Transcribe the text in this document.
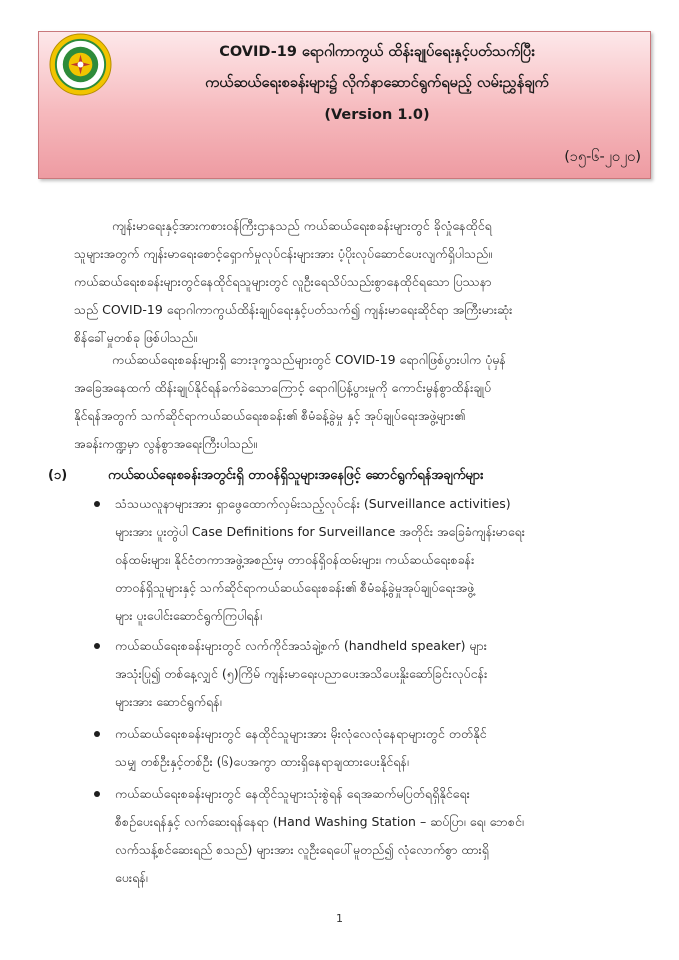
COVID-19 ရောဂါကာကွယ် ထိန်းချုပ်ရေးနှင့်ပတ်သက်ပြီး
ကယ်ဆယ်ရေးစခန်းများ၌ လိုက်နာဆောင်ရွက်ရမည့် လမ်းညွှန်ချက်
(Version 1.0)
(၁၅-၆-၂၀၂၀)
ကျန်းမာရေးနှင့်အားကစားဝန်ကြီးဌာနသည် ကယ်ဆယ်ရေးစခန်းများတွင် ခိုလှုံနေထိုင်ရ
သူများအတွက် ကျန်းမာရေးစောင့်ရှောက်မှုလုပ်ငန်းများအား ပံ့ပိုးလုပ်ဆောင်ပေးလျက်ရှိပါသည်။
ကယ်ဆယ်ရေးစခန်းများတွင်နေထိုင်ရသူများတွင် လူဦးရေသိပ်သည်းစွာနေထိုင်ရသော ပြဿနာ
သည် COVID-19 ရောဂါကာကွယ်ထိန်းချုပ်ရေးနှင့်ပတ်သက်၍ ကျန်းမာရေးဆိုင်ရာ အကြီးမားဆုံး
စိန်ခေါ်မှုတစ်ခု ဖြစ်ပါသည်။
ကယ်ဆယ်ရေးစခန်းများရှိ ဘေးဒုက္ခသည်များတွင် COVID-19 ရောဂါဖြစ်ပွားပါက ပုံမှန်
အခြေအနေထက် ထိန်းချုပ်နိုင်ရန်ခက်ခဲသောကြောင့် ရောဂါပြန့်ပွားမှုကို ကောင်းမွန်စွာထိန်းချုပ်
နိုင်ရန်အတွက် သက်ဆိုင်ရာကယ်ဆယ်ရေးစခန်း၏ စီမံခန့်ခွဲမှု နှင့် အုပ်ချုပ်ရေးအဖွဲ့များ၏
အခန်းကဏ္ဍမှာ လွန်စွာအရေးကြီးပါသည်။
(၁)	ကယ်ဆယ်ရေးစခန်းအတွင်းရှိ တာဝန်ရှိသူများအနေဖြင့် ဆောင်ရွက်ရန်အချက်များ
သံသယလူနာများအား ရှာဖွေထောက်လှမ်းသည့်လုပ်ငန်း (Surveillance activities)
များအား ပူးတွဲပါ Case Definitions for Surveillance အတိုင်း အခြေခံကျန်းမာရေး
ဝန်ထမ်းများ၊ နိုင်ငံတကာအဖွဲ့အစည်းမှ တာဝန်ရှိဝန်ထမ်းများ၊ ကယ်ဆယ်ရေးစခန်း
တာဝန်ရှိသူများနှင့် သက်ဆိုင်ရာကယ်ဆယ်ရေးစခန်း၏ စီမံခန့်ခွဲမှုအုပ်ချုပ်ရေးအဖွဲ့
များ ပူးပေါင်းဆောင်ရွက်ကြပါရန်၊
ကယ်ဆယ်ရေးစခန်းများတွင် လက်ကိုင်အသံချဲ့စက် (handheld speaker) များ
အသုံးပြု၍ တစ်နေ့လျှင် (၅)ကြိမ် ကျန်းမာရေးပညာပေးအသိပေးနှိုးဆော်ခြင်းလုပ်ငန်း
များအား ဆောင်ရွက်ရန်၊
ကယ်ဆယ်ရေးစခန်းများတွင် နေထိုင်သူများအား မိုးလုံလေလုံနေရာများတွင် တတ်နိုင်
သမျှ တစ်ဦးနှင့်တစ်ဦး (၆)ပေအကွာ ထားရှိနေရာချထားပေးနိုင်ရန်၊
ကယ်ဆယ်ရေးစခန်းများတွင် နေထိုင်သူများသုံးစွဲရန် ရေအဆက်မပြတ်ရရှိနိုင်ရေး
စီစဉ်ပေးရန်နှင့် လက်ဆေးရန်နေရာ (Hand Washing Station – ဆပ်ပြာ၊ ရေ၊ ဘေစင်၊
လက်သန့်စင်ဆေးရည် စသည်) များအား လူဦးရေပေါ်မူတည်၍ လုံလောက်စွာ ထားရှိ
ပေးရန်၊
1
